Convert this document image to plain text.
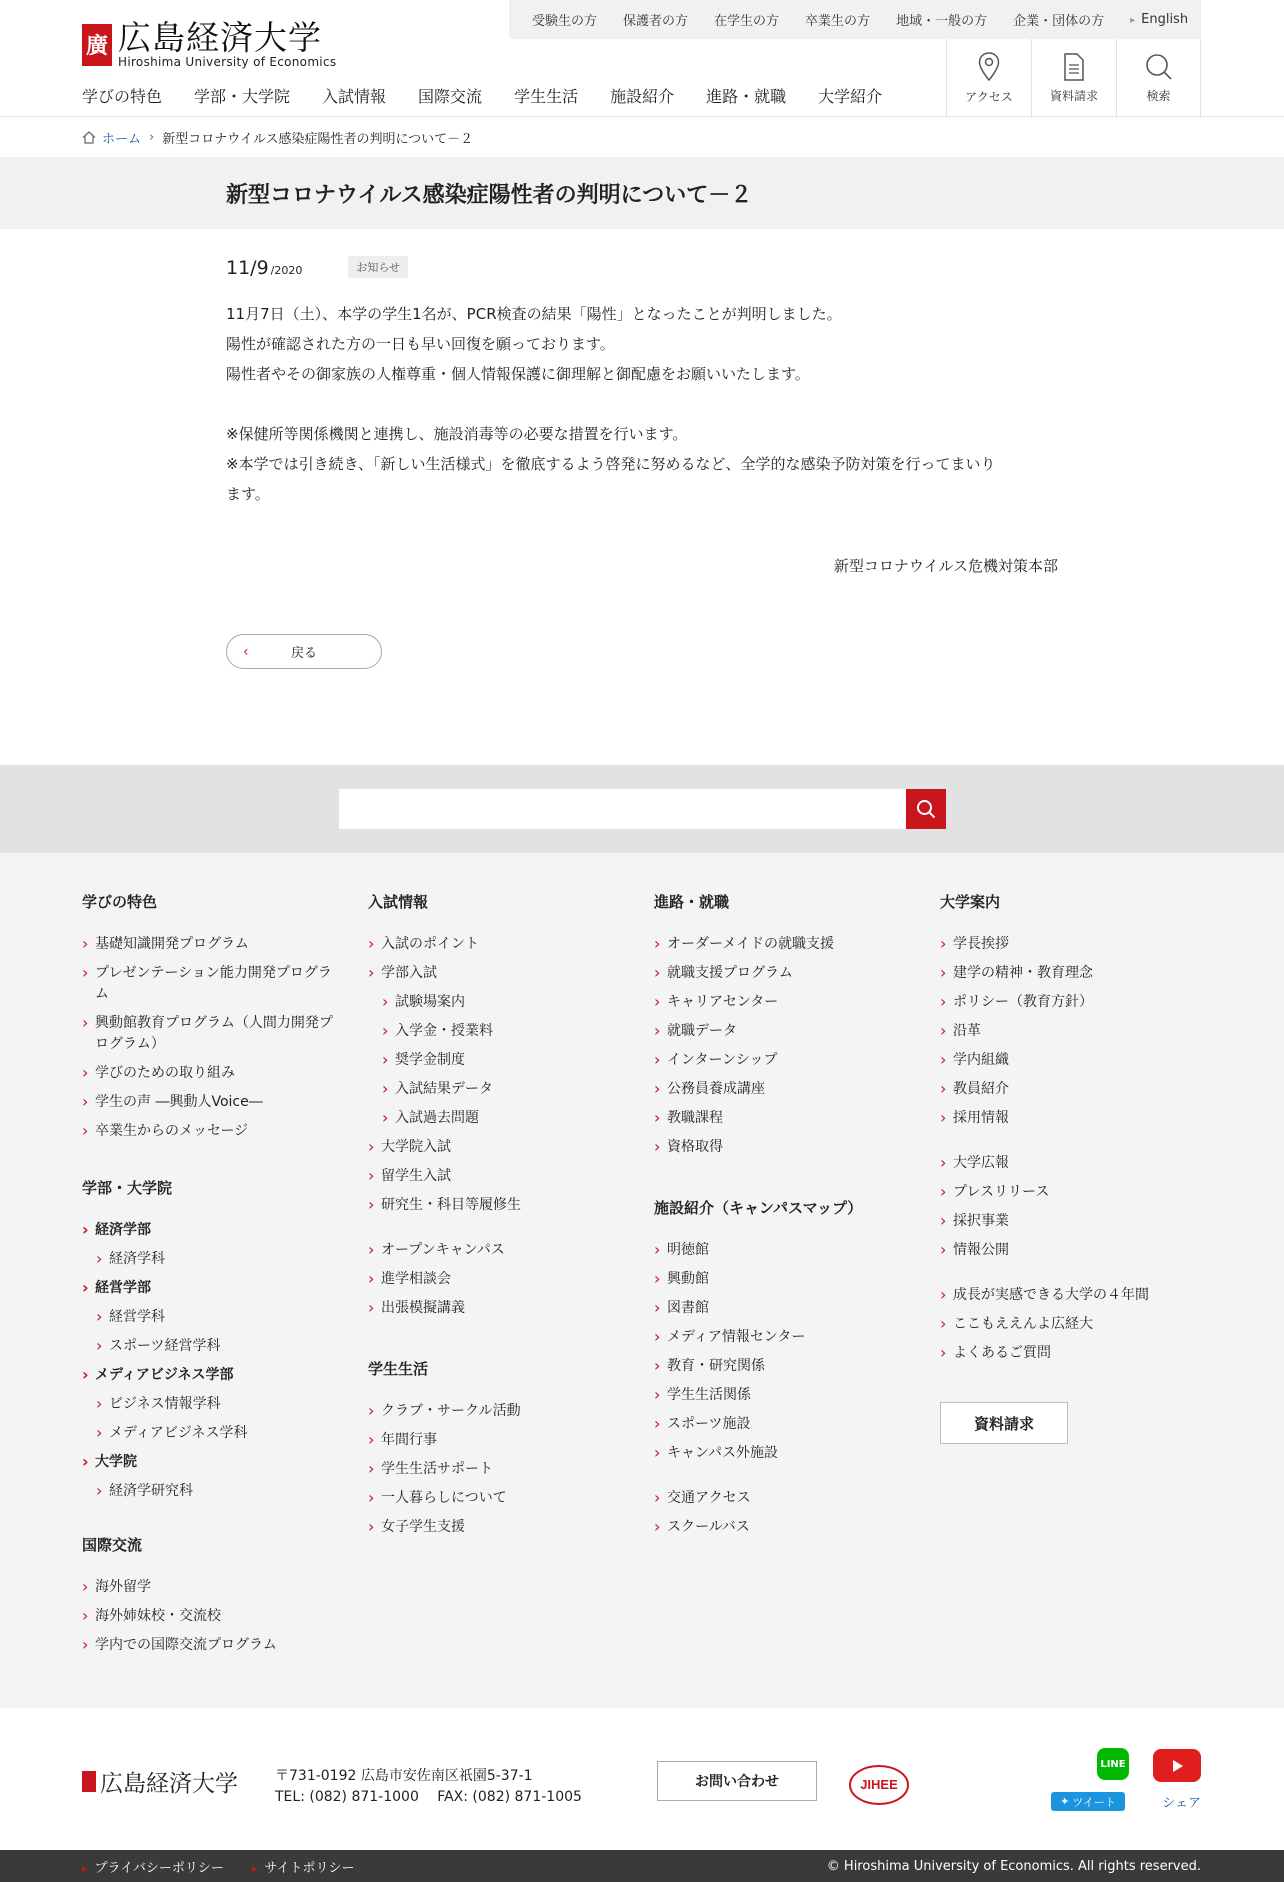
廣 広島経済大学
Hiroshima University of Economics
受験生の方	保護者の方	在学生の方	卒業生の方	地域・一般の方	企業・団体の方	▸ English
学びの特色 学部・大学院 入試情報 国際交流 学生生活 施設紹介 進路・就職 大学紹介	アクセス	資料請求	検索
ホーム › 新型コロナウイルス感染症陽性者の判明について－２
新型コロナウイルス感染症陽性者の判明について－２
11/9 /2020	お知らせ

11月7日（土）、本学の学生1名が、PCR検査の結果「陽性」となったことが判明しました。

陽性が確認された方の一日も早い回復を願っております。

陽性者やその御家族の人権尊重・個人情報保護に御理解と御配慮をお願いいたします。

※保健所等関係機関と連携し、施設消毒等の必要な措置を行います。

※本学では引き続き、「新しい生活様式」を徹底するよう啓発に努めるなど、全学的な感染予防対策を行ってまいり

ます。

新型コロナウイルス危機対策本部
‹	戻る
学びの特色
› 基礎知識開発プログラム
› プレゼンテーション能力開発プログラ
ム
› 興動館教育プログラム（人間力開発プ
ログラム）
› 学びのための取り組み
› 学生の声 ―興動人Voice―
› 卒業生からのメッセージ
学部・大学院
› 経済学部
› 経済学科
› 経営学部
› 経営学科
› スポーツ経営学科
› メディアビジネス学部
› ビジネス情報学科
› メディアビジネス学科
› 大学院
› 経済学研究科
国際交流
› 海外留学
› 海外姉妹校・交流校
› 学内での国際交流プログラム
入試情報
› 入試のポイント
› 学部入試
› 試験場案内
› 入学金・授業料
› 奨学金制度
› 入試結果データ
› 入試過去問題
› 大学院入試
› 留学生入試
› 研究生・科目等履修生
› オープンキャンパス
› 進学相談会
› 出張模擬講義
学生生活
› クラブ・サークル活動
› 年間行事
› 学生生活サポート
› 一人暮らしについて
› 女子学生支援
進路・就職
› オーダーメイドの就職支援
› 就職支援プログラム
› キャリアセンター
› 就職データ
› インターンシップ
› 公務員養成講座
› 教職課程
› 資格取得
施設紹介（キャンパスマップ）
› 明徳館
› 興動館
› 図書館
› メディア情報センター
› 教育・研究関係
› 学生生活関係
› スポーツ施設
› キャンパス外施設
› 交通アクセス
› スクールバス
大学案内
› 学長挨拶
› 建学の精神・教育理念
› ポリシー（教育方針）
› 沿革
› 学内組織
› 教員紹介
› 採用情報
› 大学広報
› プレスリリース
› 採択事業
› 情報公開
› 成長が実感できる大学の４年間
› ここもええんよ広経大
› よくあるご質問
資料請求
広島経済大学	〒731-0192 広島市安佐南区祇園5-37-1
TEL: (082) 871-1000　 FAX: (082) 871-1005
お問い合わせ	JIHEE
LINE
✦ ツイート	シェア
▸ プライバシーポリシー	▸ サイトポリシー	© Hiroshima University of Economics. All rights reserved.
